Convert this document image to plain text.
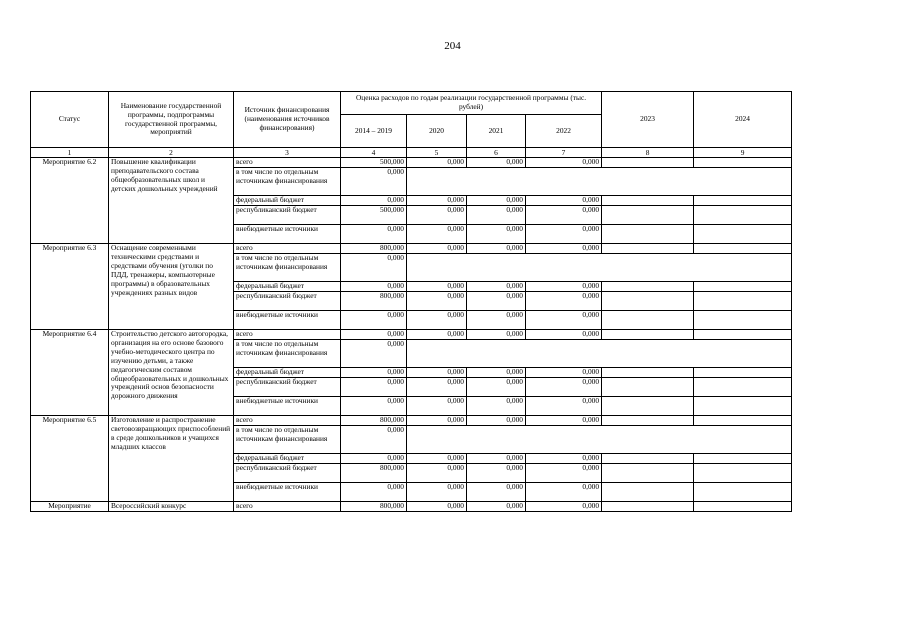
204
Статус	Наименование государственной программы, подпрограммы государственной программы, мероприятий	Источник финансирования (наименования источников финансирования)	Оценка расходов по годам реализации государственной программы (тыс. рублей)				2023	2024
			2014 – 2019	2020	2021	2022		
1	2	3	4	5	6	7	8	9
Мероприятие 6.2	Повышение квалификации преподавательского состава общеобразовательных школ и детских дошкольных учреждений	всего	500,000	0,000	0,000	0,000		
		в том числе по отдельным источникам финансирования	0,000					
		федеральный бюджет	0,000	0,000	0,000	0,000		
		республиканский бюджет	500,000	0,000	0,000	0,000		
		внебюджетные источники	0,000	0,000	0,000	0,000		
Мероприятие 6.3	Оснащение современными техническими средствами и средствами обучения (уголки по ПДД, тренажеры, компьютерные программы) в образовательных учреждениях разных видов	всего	800,000	0,000	0,000	0,000		
		в том числе по отдельным источникам финансирования	0,000					
		федеральный бюджет	0,000	0,000	0,000	0,000		
		республиканский бюджет	800,000	0,000	0,000	0,000		
		внебюджетные источники	0,000	0,000	0,000	0,000		
Мероприятие 6.4	Строительство детского автогородка, организация на его основе базового учебно-методического центра по изучению детьми, а также педагогическим составом общеобразовательных и дошкольных учреждений основ безопасности дорожного движения	всего	0,000	0,000	0,000	0,000		
		в том числе по отдельным источникам финансирования	0,000					
		федеральный бюджет	0,000	0,000	0,000	0,000		
		республиканский бюджет	0,000	0,000	0,000	0,000		
		внебюджетные источники	0,000	0,000	0,000	0,000		
Мероприятие 6.5	Изготовление и распространение световозвращающих приспособлений в среде дошкольников и учащихся младших классов	всего	800,000	0,000	0,000	0,000		
		в том числе по отдельным источникам финансирования	0,000					
		федеральный бюджет	0,000	0,000	0,000	0,000		
		республиканский бюджет	800,000	0,000	0,000	0,000		
		внебюджетные источники	0,000	0,000	0,000	0,000		
Мероприятие	Всероссийский конкурс	всего	800,000	0,000	0,000	0,000		
